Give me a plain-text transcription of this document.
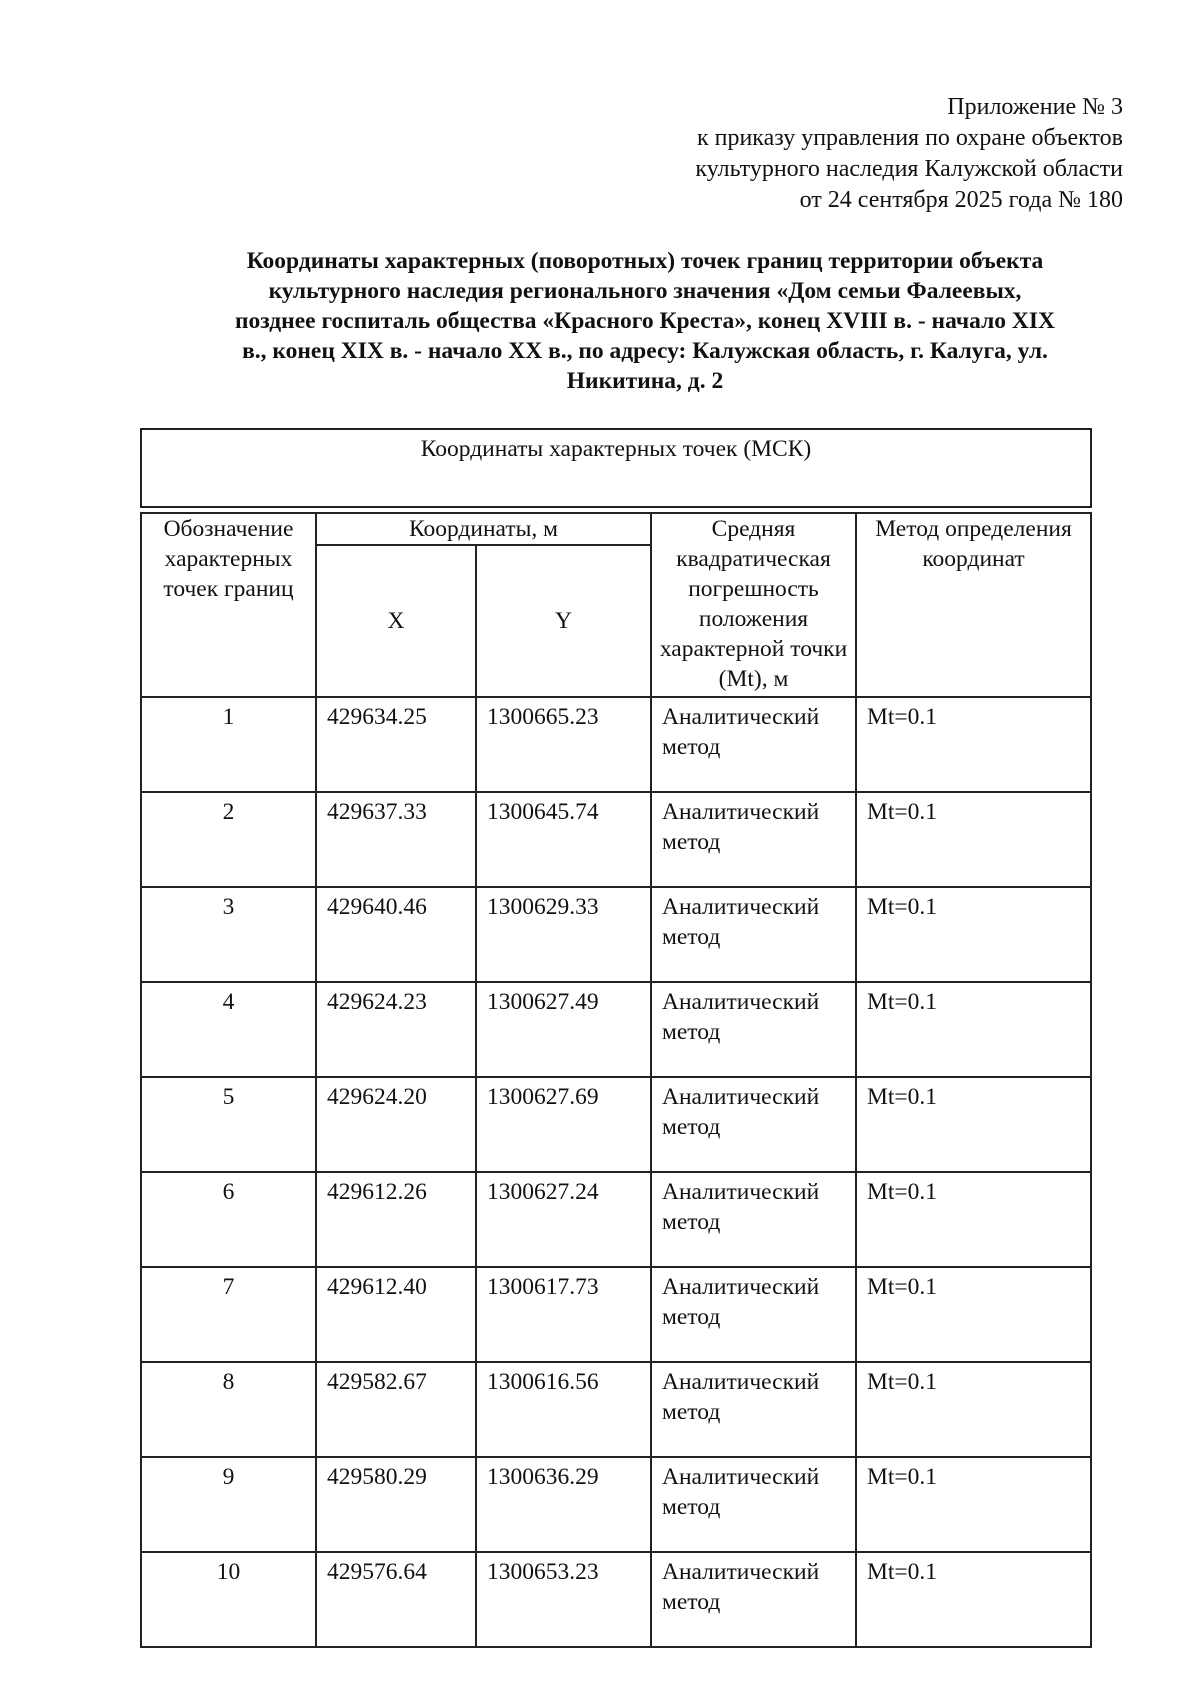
Приложение № 3
к приказу управления по охране объектов
культурного наследия Калужской области
от 24 сентября 2025 года № 180
Координаты характерных (поворотных) точек границ территории объекта
культурного наследия регионального значения «Дом семьи Фалеевых,
позднее госпиталь общества «Красного Креста», конец XVIII в. - начало XIX
в., конец XIX в. - начало XX в., по адресу: Калужская область, г. Калуга, ул.
Никитина, д. 2
Координаты характерных точек (МСК)				

Обозначение характерных точек границ	Координаты, м		Средняя квадратическая погрешность положения характерной точки (Mt), м	Метод определения координат
	X	Y		
1	429634.25	1300665.23	Аналитический метод	Mt=0.1
2	429637.33	1300645.74	Аналитический метод	Mt=0.1
3	429640.46	1300629.33	Аналитический метод	Mt=0.1
4	429624.23	1300627.49	Аналитический метод	Mt=0.1
5	429624.20	1300627.69	Аналитический метод	Mt=0.1
6	429612.26	1300627.24	Аналитический метод	Mt=0.1
7	429612.40	1300617.73	Аналитический метод	Mt=0.1
8	429582.67	1300616.56	Аналитический метод	Mt=0.1
9	429580.29	1300636.29	Аналитический метод	Mt=0.1
10	429576.64	1300653.23	Аналитический метод	Mt=0.1
